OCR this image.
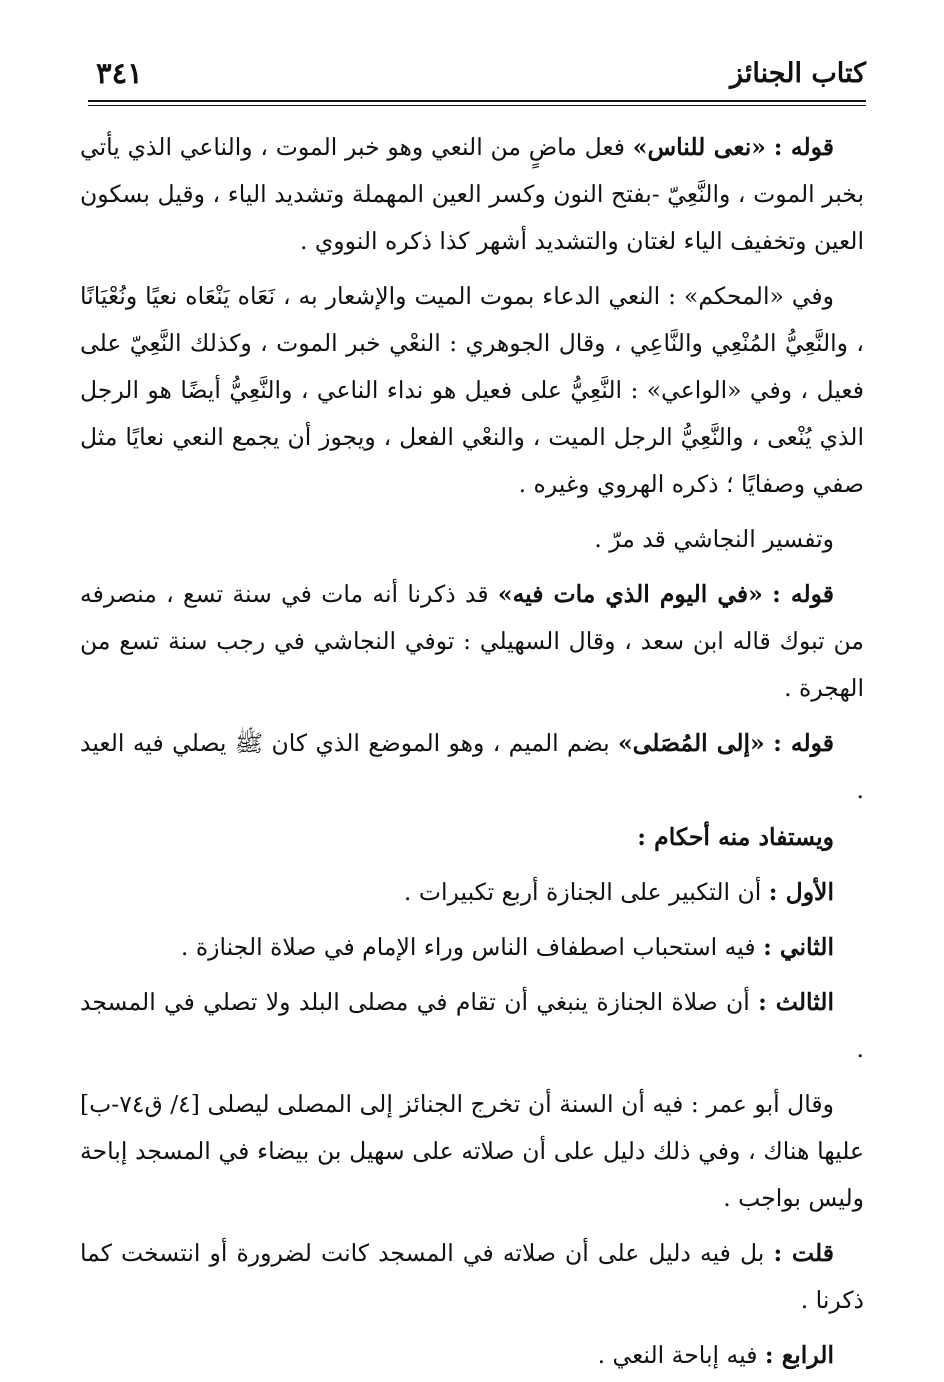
كتاب الجنائز
٣٤١

قوله : «نعى للناس» فعل ماضٍ من النعي وهو خبر الموت ، والناعي الذي يأتي بخبر الموت ، والنَّعِيّ -بفتح النون وكسر العين المهملة وتشديد الياء ، وقيل بسكون العين وتخفيف الياء لغتان والتشديد أشهر كذا ذكره النووي .

وفي «المحكم» : النعي الدعاء بموت الميت والإشعار به ، نَعَاه يَنْعَاه نعيًا ونُعْيَانًا ، والنَّعِيُّ المُنْعِي والنَّاعِي ، وقال الجوهري : النعْي خبر الموت ، وكذلك النَّعِيّ على فعيل ، وفي «الواعي» : النَّعِيُّ على فعيل هو نداء الناعي ، والنَّعِيُّ أيضًا هو الرجل الذي يُنْعى ، والنَّعِيُّ الرجل الميت ، والنعْي الفعل ، ويجوز أن يجمع النعي نعايًا مثل صفي وصفايًا ؛ ذكره الهروي وغيره .

وتفسير النجاشي قد مرّ .

قوله : «في اليوم الذي مات فيه» قد ذكرنا أنه مات في سنة تسع ، منصرفه من تبوك قاله ابن سعد ، وقال السهيلي : توفي النجاشي في رجب سنة تسع من الهجرة .

قوله : «إلى المُصَلى» بضم الميم ، وهو الموضع الذي كان ﷺ يصلي فيه العيد .

ويستفاد منه أحكام :

الأول : أن التكبير على الجنازة أربع تكبيرات .

الثاني : فيه استحباب اصطفاف الناس وراء الإمام في صلاة الجنازة .

الثالث : أن صلاة الجنازة ينبغي أن تقام في مصلى البلد ولا تصلي في المسجد .

وقال أبو عمر : فيه أن السنة أن تخرج الجنائز إلى المصلى ليصلى [٤/ ق٧٤-ب] عليها هناك ، وفي ذلك دليل على أن صلاته على سهيل بن بيضاء في المسجد إباحة وليس بواجب .

قلت : بل فيه دليل على أن صلاته في المسجد كانت لضرورة أو انتسخت كما ذكرنا .

الرابع : فيه إباحة النعي .
